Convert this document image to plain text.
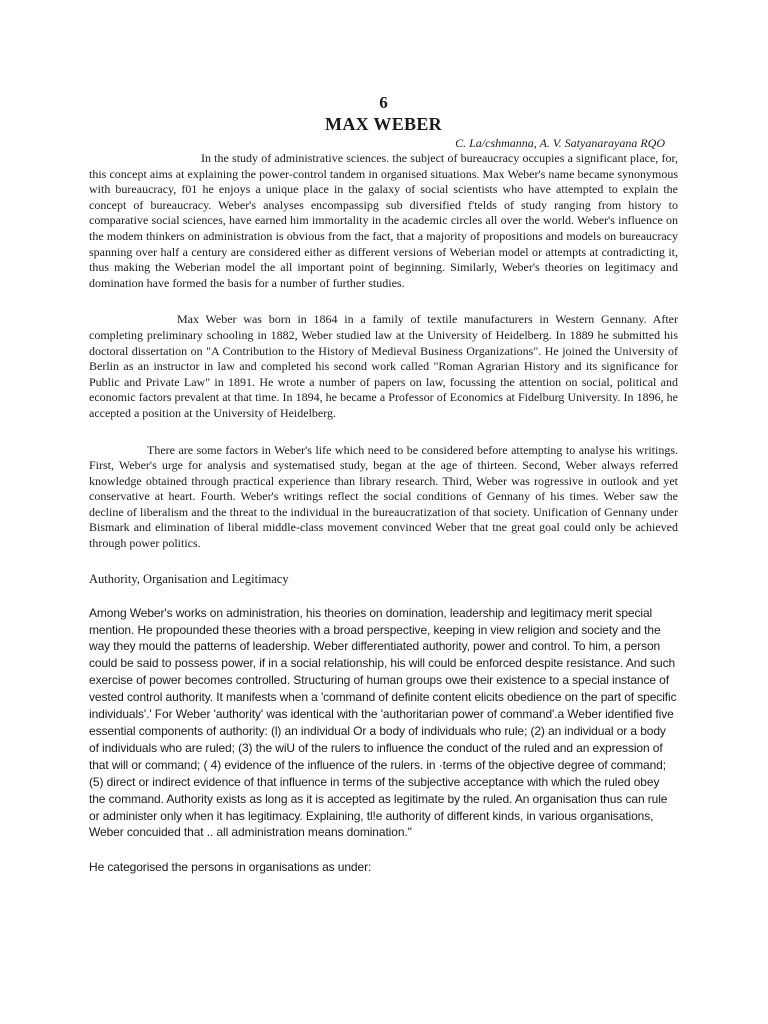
6
MAX WEBER
C. La/cshmanna, A. V. Satyanarayana RQO

In the study of administrative sciences. the subject of bureaucracy occupies a significant place, for, this concept aims at explaining the power-control tandem in organised situations. Max Weber's name became synonymous with bureaucracy, f01 he enjoys a unique place in the galaxy of social scientists who have attempted to explain the concept of bureaucracy. Weber's analyses encompassipg sub diversified f'telds of study ranging from history to comparative social sciences, have earned him immortality in the academic circles all over the world. Weber's influence on the modem thinkers on administration is obvious from the fact, that a majority of propositions and models on bureaucracy spanning over half a century are considered either as different versions of Weberian model or attempts at contradicting it, thus making the Weberian model the all important point of beginning. Similarly, Weber's theories on legitimacy and domination have formed the basis for a number of further studies.

Max Weber was born in 1864 in a family of textile manufacturers in Western Gennany. After completing preliminary schooling in 1882, Weber studied law at the University of Heidelberg. In 1889 he submitted his doctoral dissertation on "A Contribution to the History of Medieval Business Organizations". He joined the University of Berlin as an instructor in law and completed his second work called "Roman Agrarian History and its significance for Public and Private Law" in 1891. He wrote a number of papers on law, focussing the attention on social, political and economic factors prevalent at that time. In 1894, he became a Professor of Economics at Fidelburg University. In 1896, he accepted a position at the University of Heidelberg.

There are some factors in Weber's life which need to be considered before attempting to analyse his writings. First, Weber's urge for analysis and systematised study, began at the age of thirteen. Second, Weber always referred knowledge obtained through practical experience than library research. Third, Weber was rogressive in outlook and yet conservative at heart. Fourth. Weber's writings reflect the social conditions of Gennany of his times. Weber saw the decline of liberalism and the threat to the individual in the bureaucratization of that society. Unification of Gennany under Bismark and elimination of liberal middle-class movement convinced Weber that tne great goal could only be achieved through power politics.

Authority, Organisation and Legitimacy

Among Weber's works on administration, his theories on domination, leadership and legitimacy merit special mention. He propounded these theories with a broad perspective, keeping in view religion and society and the way they mould the patterns of leadership. Weber differentiated authority, power and control. To him, a person could be said to possess power, if in a social relationship, his will could be enforced despite resistance. And such exercise of power becomes controlled. Structuring of human groups owe their existence to a special instance of vested control authority. It manifests when a 'command of definite content elicits obedience on the part of specific individuals'.' For Weber 'authority' was identical with the 'authoritarian power of command'.a Weber identified five essential components of authority: (l) an individual Or a body of individuals who rule; (2) an individual or a body of individuals who are ruled; (3) the wiU of the rulers to influence the conduct of the ruled and an expression of that will or command; ( 4) evidence of the influence of the rulers. in ·terms of the objective degree of command; (5) direct or indirect evidence of that influence in terms of the subjective acceptance with which the ruled obey the command. Authority exists as long as it is accepted as legitimate by the ruled. An organisation thus can rule or administer only when it has legitimacy. Explaining, tl!e authority of different kinds, in various organisations, Weber concuided that .. all administration means domination."

He categorised the persons in organisations as under:
